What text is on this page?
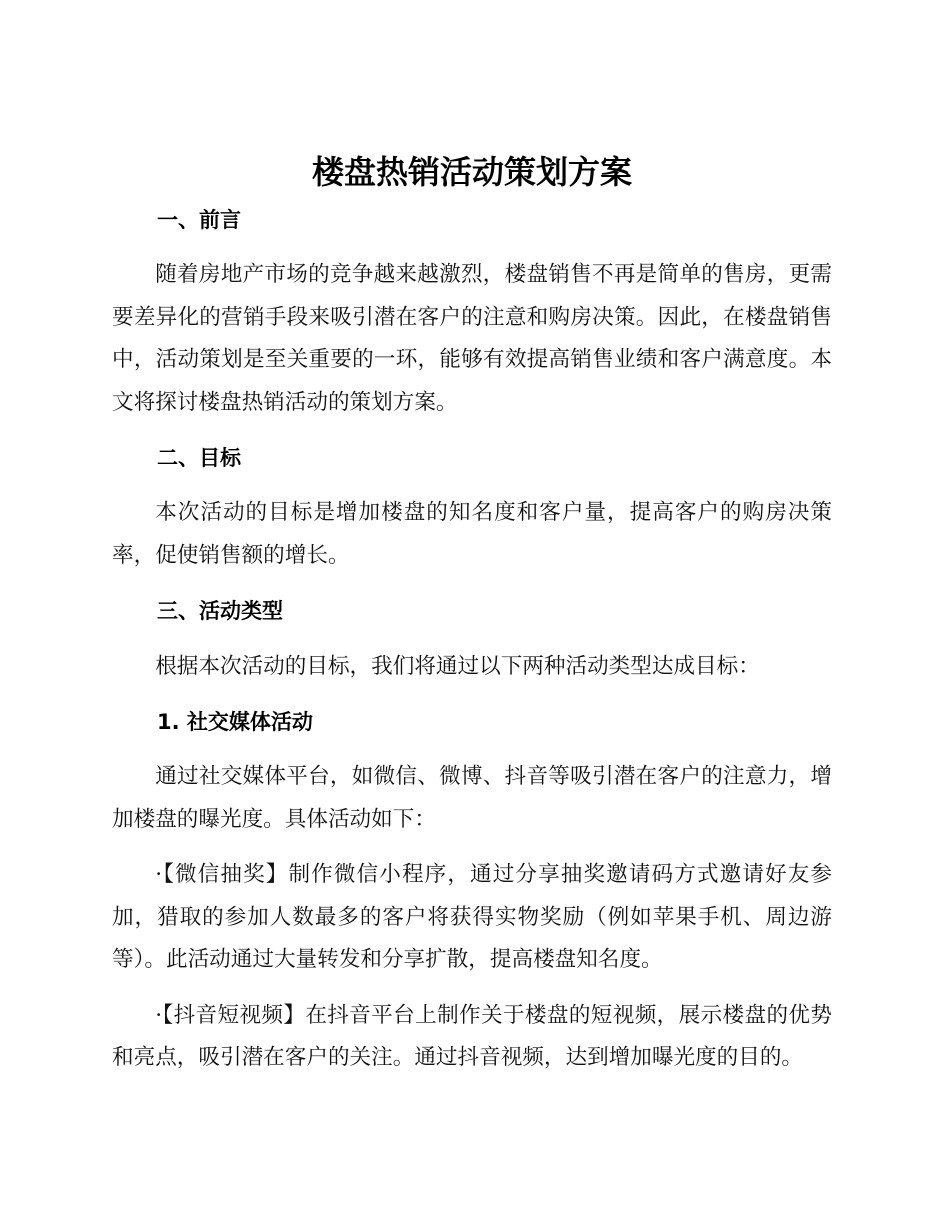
楼盘热销活动策划方案
一、前言

随着房地产市场的竞争越来越激烈，楼盘销售不再是简单的售房，更需要差异化的营销手段来吸引潜在客户的注意和购房决策。因此，在楼盘销售中，活动策划是至关重要的一环，能够有效提高销售业绩和客户满意度。本文将探讨楼盘热销活动的策划方案。

二、目标

本次活动的目标是增加楼盘的知名度和客户量，提高客户的购房决策率，促使销售额的增长。

三、活动类型

根据本次活动的目标，我们将通过以下两种活动类型达成目标：

1. 社交媒体活动

通过社交媒体平台，如微信、微博、抖音等吸引潜在客户的注意力，增加楼盘的曝光度。具体活动如下：

·【微信抽奖】制作微信小程序，通过分享抽奖邀请码方式邀请好友参加，猎取的参加人数最多的客户将获得实物奖励（例如苹果手机、周边游等）。此活动通过大量转发和分享扩散，提高楼盘知名度。

·【抖音短视频】在抖音平台上制作关于楼盘的短视频，展示楼盘的优势和亮点，吸引潜在客户的关注。通过抖音视频，达到增加曝光度的目的。
